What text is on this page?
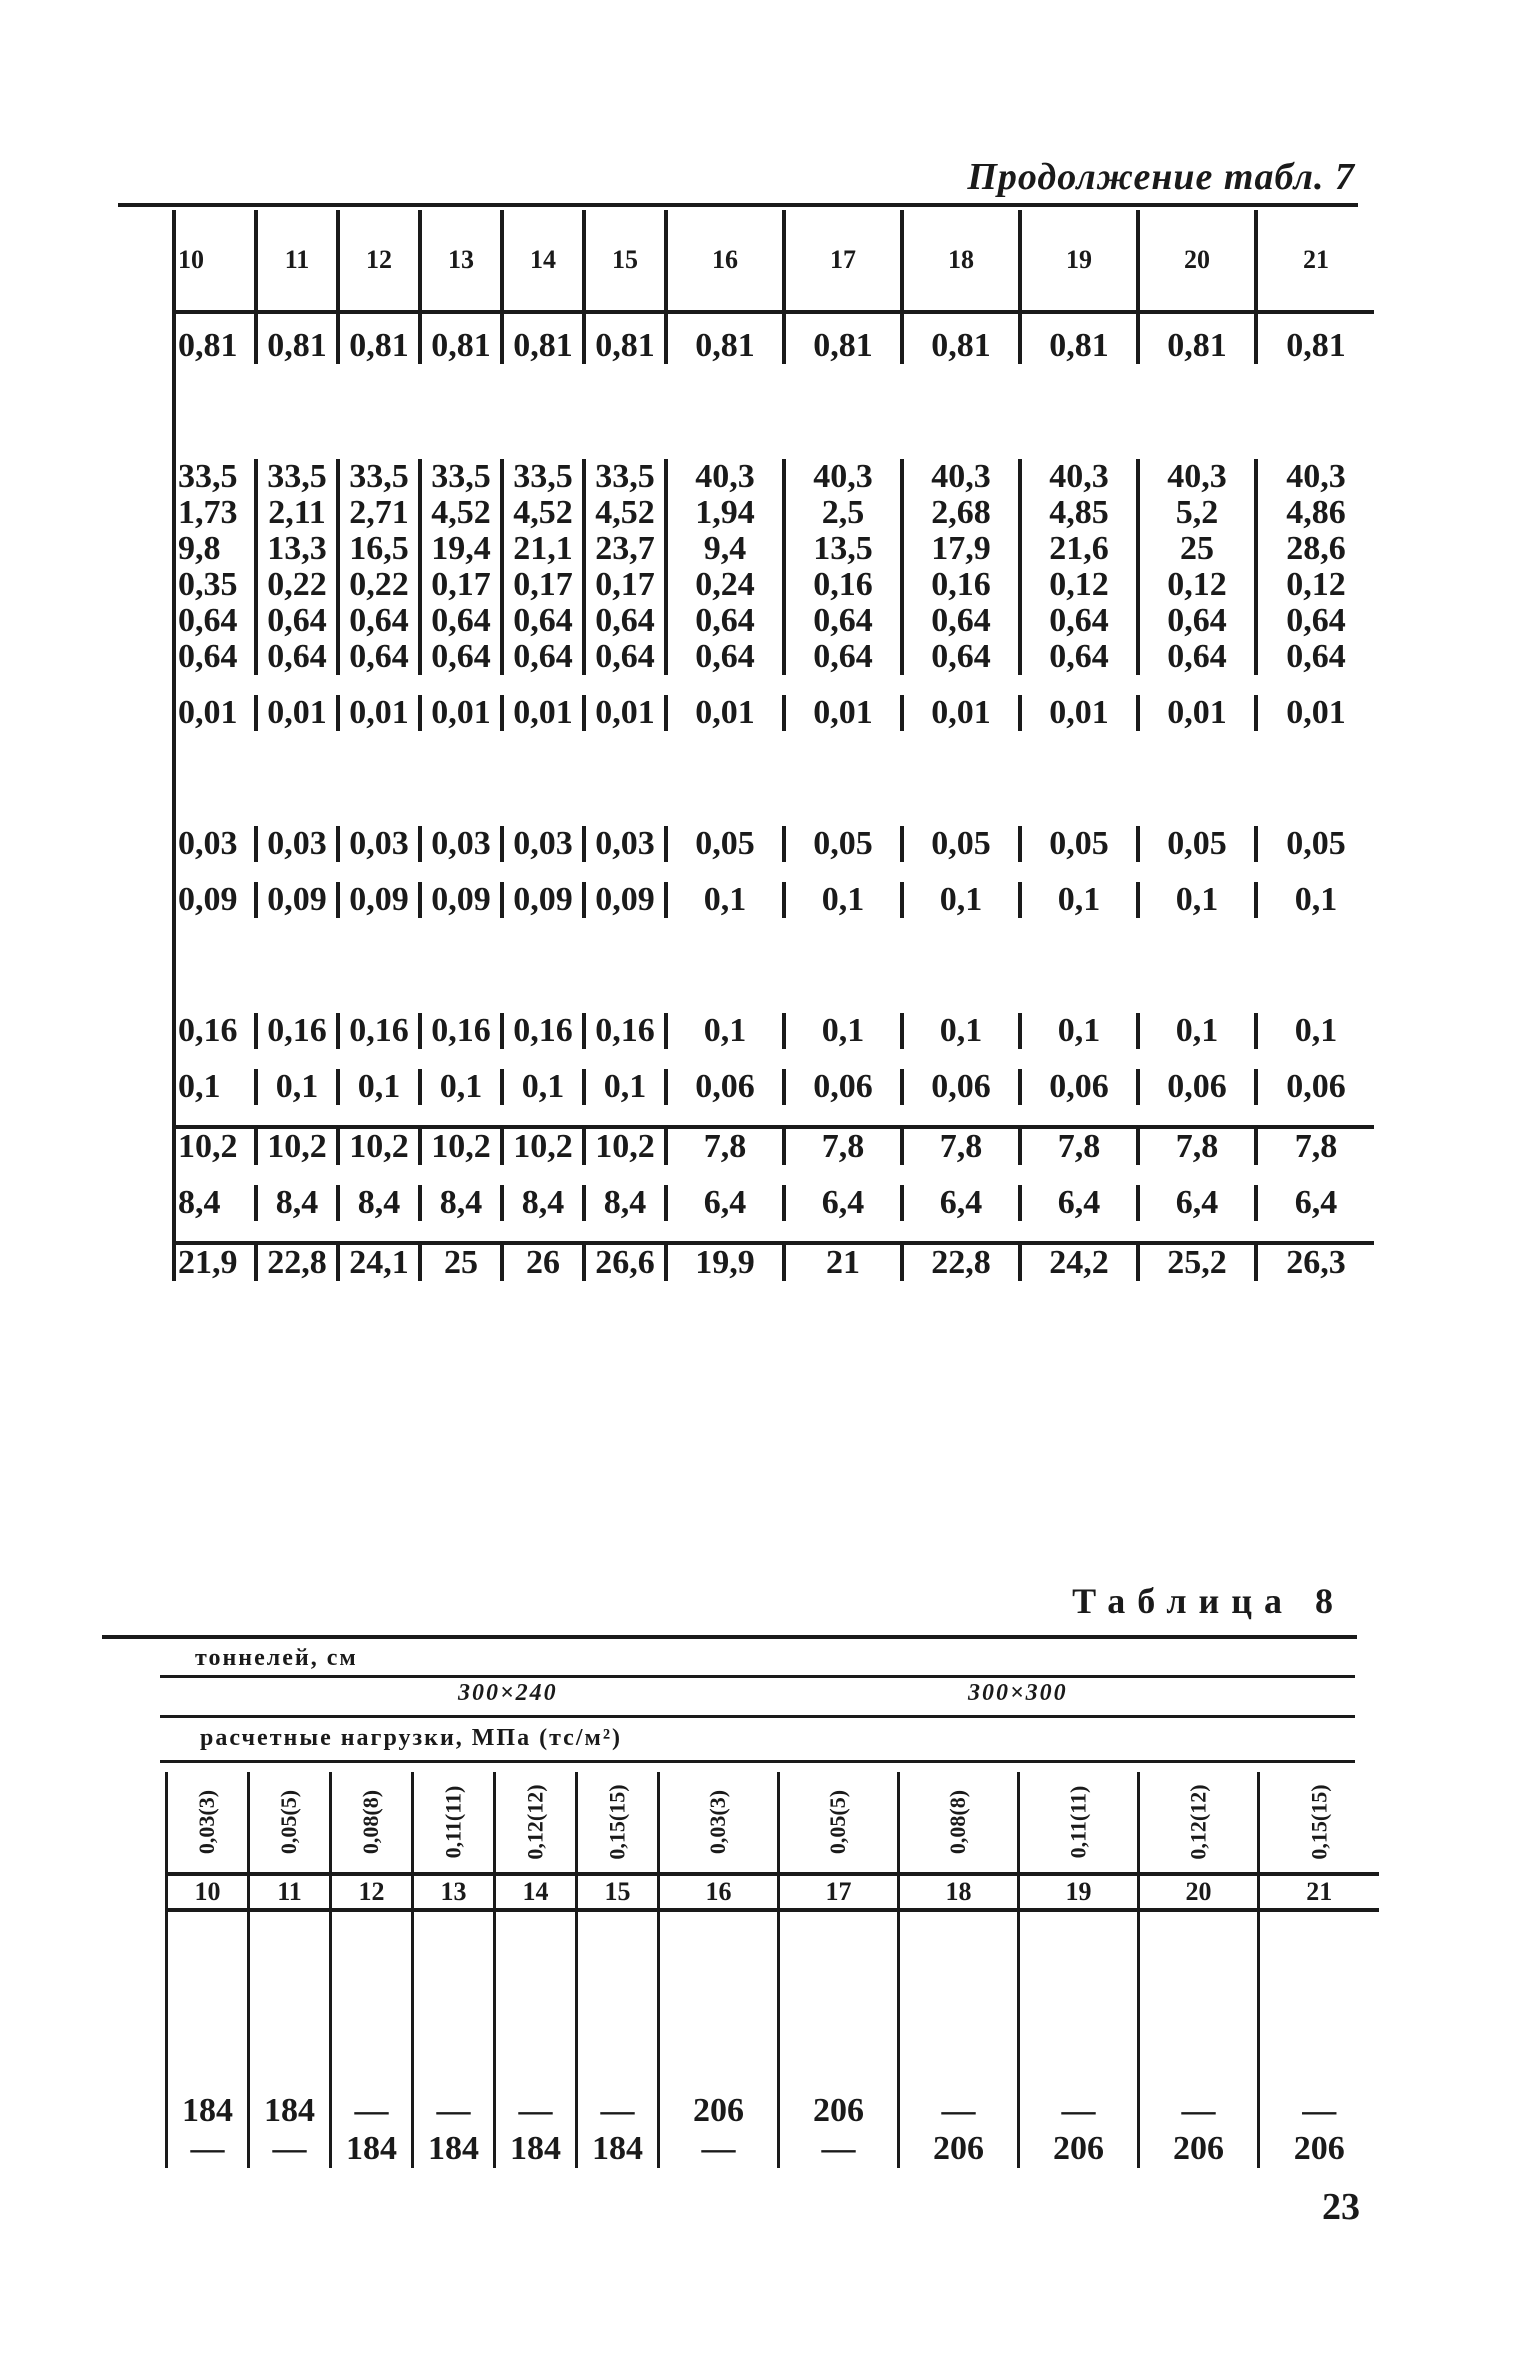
Продолжение табл. 7
10	11	12	13	14	15	16	17	18	19	20	21
0,81	0,81	0,81	0,81	0,81	0,81	0,81	0,81	0,81	0,81	0,81	0,81

33,5	33,5	33,5	33,5	33,5	33,5	40,3	40,3	40,3	40,3	40,3	40,3
1,73	2,11	2,71	4,52	4,52	4,52	1,94	2,5	2,68	4,85	5,2	4,86
9,8	13,3	16,5	19,4	21,1	23,7	9,4	13,5	17,9	21,6	25	28,6
0,35	0,22	0,22	0,17	0,17	0,17	0,24	0,16	0,16	0,12	0,12	0,12
0,64	0,64	0,64	0,64	0,64	0,64	0,64	0,64	0,64	0,64	0,64	0,64
0,64	0,64	0,64	0,64	0,64	0,64	0,64	0,64	0,64	0,64	0,64	0,64

0,01	0,01	0,01	0,01	0,01	0,01	0,01	0,01	0,01	0,01	0,01	0,01

0,03	0,03	0,03	0,03	0,03	0,03	0,05	0,05	0,05	0,05	0,05	0,05

0,09	0,09	0,09	0,09	0,09	0,09	0,1	0,1	0,1	0,1	0,1	0,1

0,16	0,16	0,16	0,16	0,16	0,16	0,1	0,1	0,1	0,1	0,1	0,1

0,1	0,1	0,1	0,1	0,1	0,1	0,06	0,06	0,06	0,06	0,06	0,06

10,2	10,2	10,2	10,2	10,2	10,2	7,8	7,8	7,8	7,8	7,8	7,8

8,4	8,4	8,4	8,4	8,4	8,4	6,4	6,4	6,4	6,4	6,4	6,4

21,9	22,8	24,1	25	26	26,6	19,9	21	22,8	24,2	25,2	26,3
Таблица 8
тоннелей, см
300×240	300×300
расчетные нагрузки, МПа (тс/м²)
0,03(3)	0,05(5)	0,08(8)	0,11(11)	0,12(12)	0,15(15)	0,03(3)	0,05(5)	0,08(8)	0,11(11)	0,12(12)	0,15(15)
10	11	12	13	14	15	16	17	18	19	20	21

184	184	—	—	—	—	206	206	—	—	—	—
—	—	184	184	184	184	—	—	206	206	206	206
23
